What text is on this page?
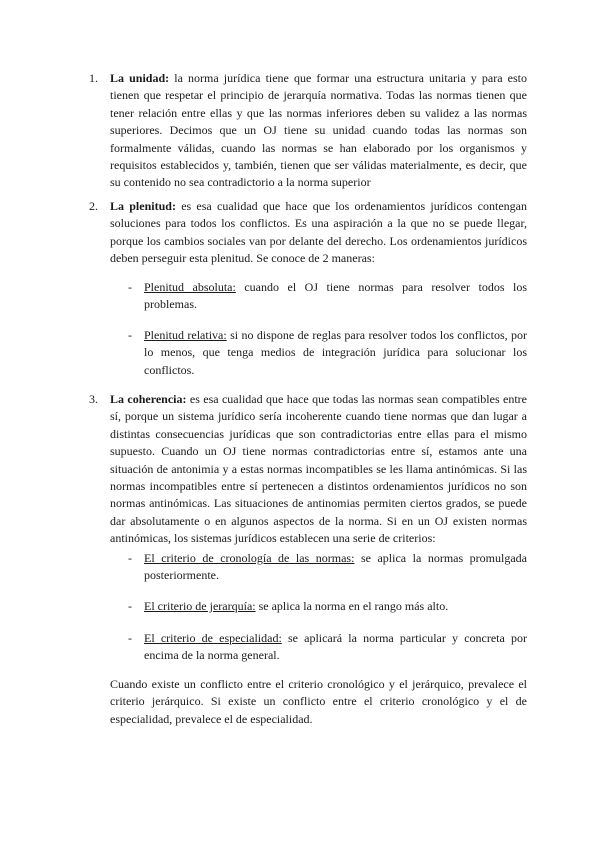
1. La unidad: la norma jurídica tiene que formar una estructura unitaria y para esto tienen que respetar el principio de jerarquía normativa. Todas las normas tienen que tener relación entre ellas y que las normas inferiores deben su validez a las normas superiores. Decimos que un OJ tiene su unidad cuando todas las normas son formalmente válidas, cuando las normas se han elaborado por los organismos y requisitos establecidos y, también, tienen que ser válidas materialmente, es decir, que su contenido no sea contradictorio a la norma superior
2. La plenitud: es esa cualidad que hace que los ordenamientos jurídicos contengan soluciones para todos los conflictos. Es una aspiración a la que no se puede llegar, porque los cambios sociales van por delante del derecho. Los ordenamientos jurídicos deben perseguir esta plenitud. Se conoce de 2 maneras:
- Plenitud absoluta: cuando el OJ tiene normas para resolver todos los problemas.
- Plenitud relativa: si no dispone de reglas para resolver todos los conflictos, por lo menos, que tenga medios de integración jurídica para solucionar los conflictos.
3. La coherencia: es esa cualidad que hace que todas las normas sean compatibles entre sí, porque un sistema jurídico sería incoherente cuando tiene normas que dan lugar a distintas consecuencias jurídicas que son contradictorias entre ellas para el mismo supuesto. Cuando un OJ tiene normas contradictorias entre sí, estamos ante una situación de antonimia y a estas normas incompatibles se les llama antinómicas. Si las normas incompatibles entre sí pertenecen a distintos ordenamientos jurídicos no son normas antinómicas. Las situaciones de antinomias permiten ciertos grados, se puede dar absolutamente o en algunos aspectos de la norma. Si en un OJ existen normas antinómicas, los sistemas jurídicos establecen una serie de criterios:
- El criterio de cronología de las normas: se aplica la normas promulgada posteriormente.
- El criterio de jerarquía: se aplica la norma en el rango más alto.
- El criterio de especialidad: se aplicará la norma particular y concreta por encima de la norma general.
Cuando existe un conflicto entre el criterio cronológico y el jerárquico, prevalece el criterio jerárquico. Si existe un conflicto entre el criterio cronológico y el de especialidad, prevalece el de especialidad.
